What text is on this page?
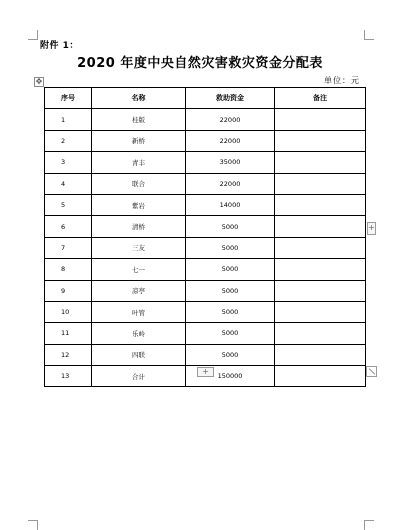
附件 1：
2020 年度中央自然灾害救灾资金分配表
单位：元
✥
序号	名称	救助资金	备注
1	桂版	22000	
2	新桥	22000	
3	青丰	35000	
4	联合	22000	
5	紫岩	14000	
6	清桥	5000	
7	三友	5000	
8	七一	5000	
9	凉亭	5000	
10	叶管	5000	
11	乐岭	5000	
12	四联	5000	
13	合计	150000	
+
+
